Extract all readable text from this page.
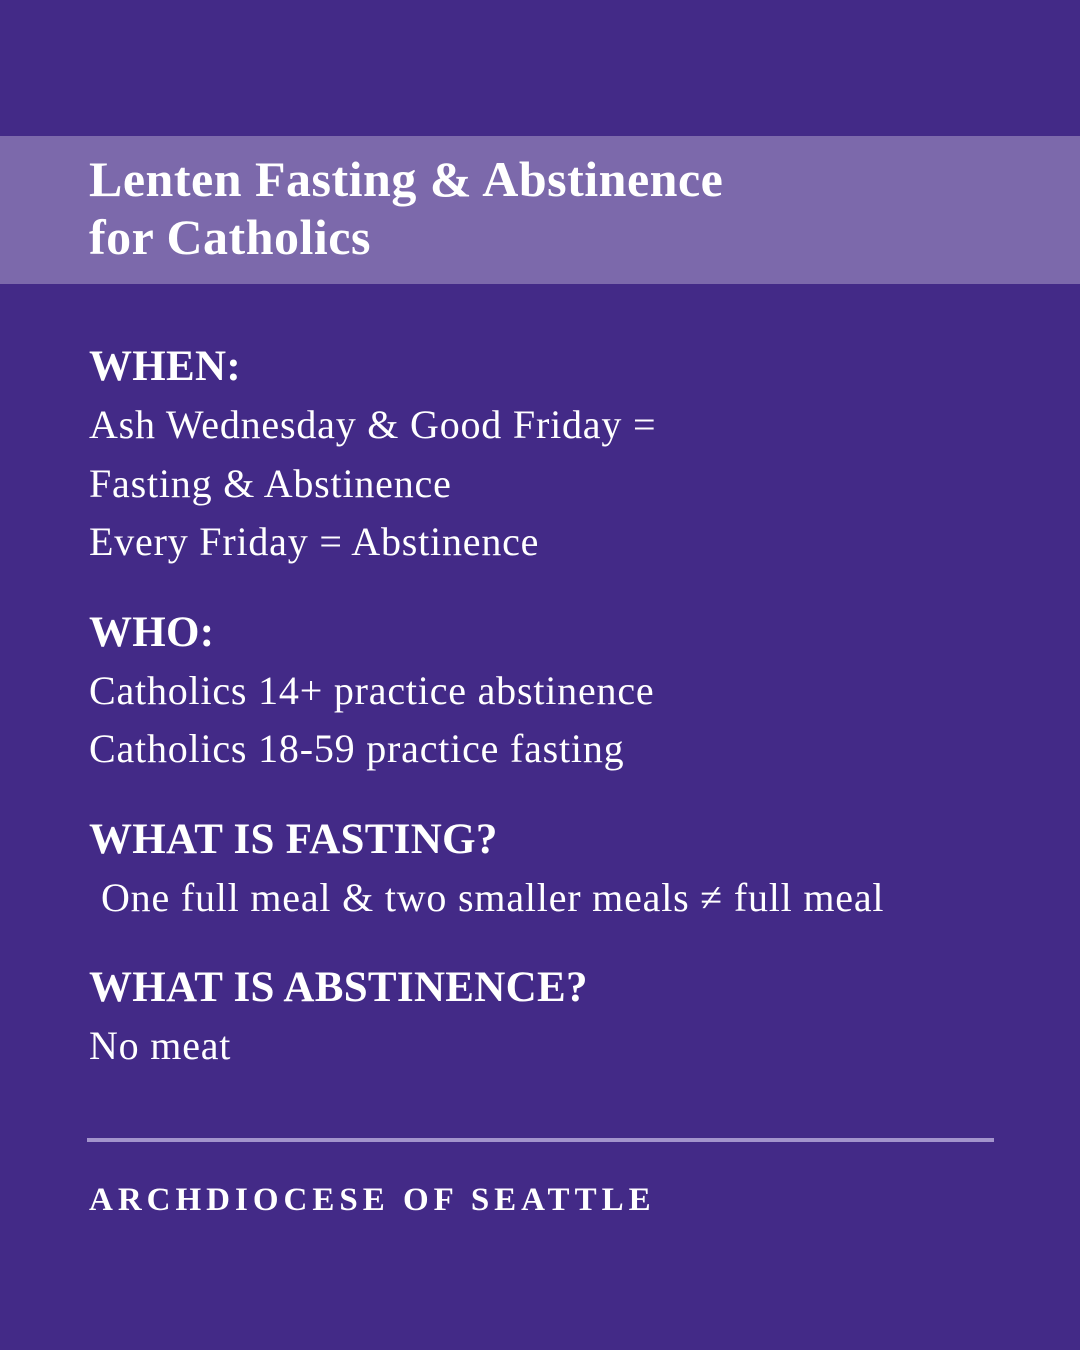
Lenten Fasting & Abstinence
for Catholics
WHEN:
Ash Wednesday & Good Friday =
Fasting & Abstinence
Every Friday = Abstinence
WHO:
Catholics 14+ practice abstinence
Catholics 18-59 practice fasting
WHAT IS FASTING?
One full meal & two smaller meals ≠ full meal
WHAT IS ABSTINENCE?
No meat
ARCHDIOCESE OF SEATTLE
